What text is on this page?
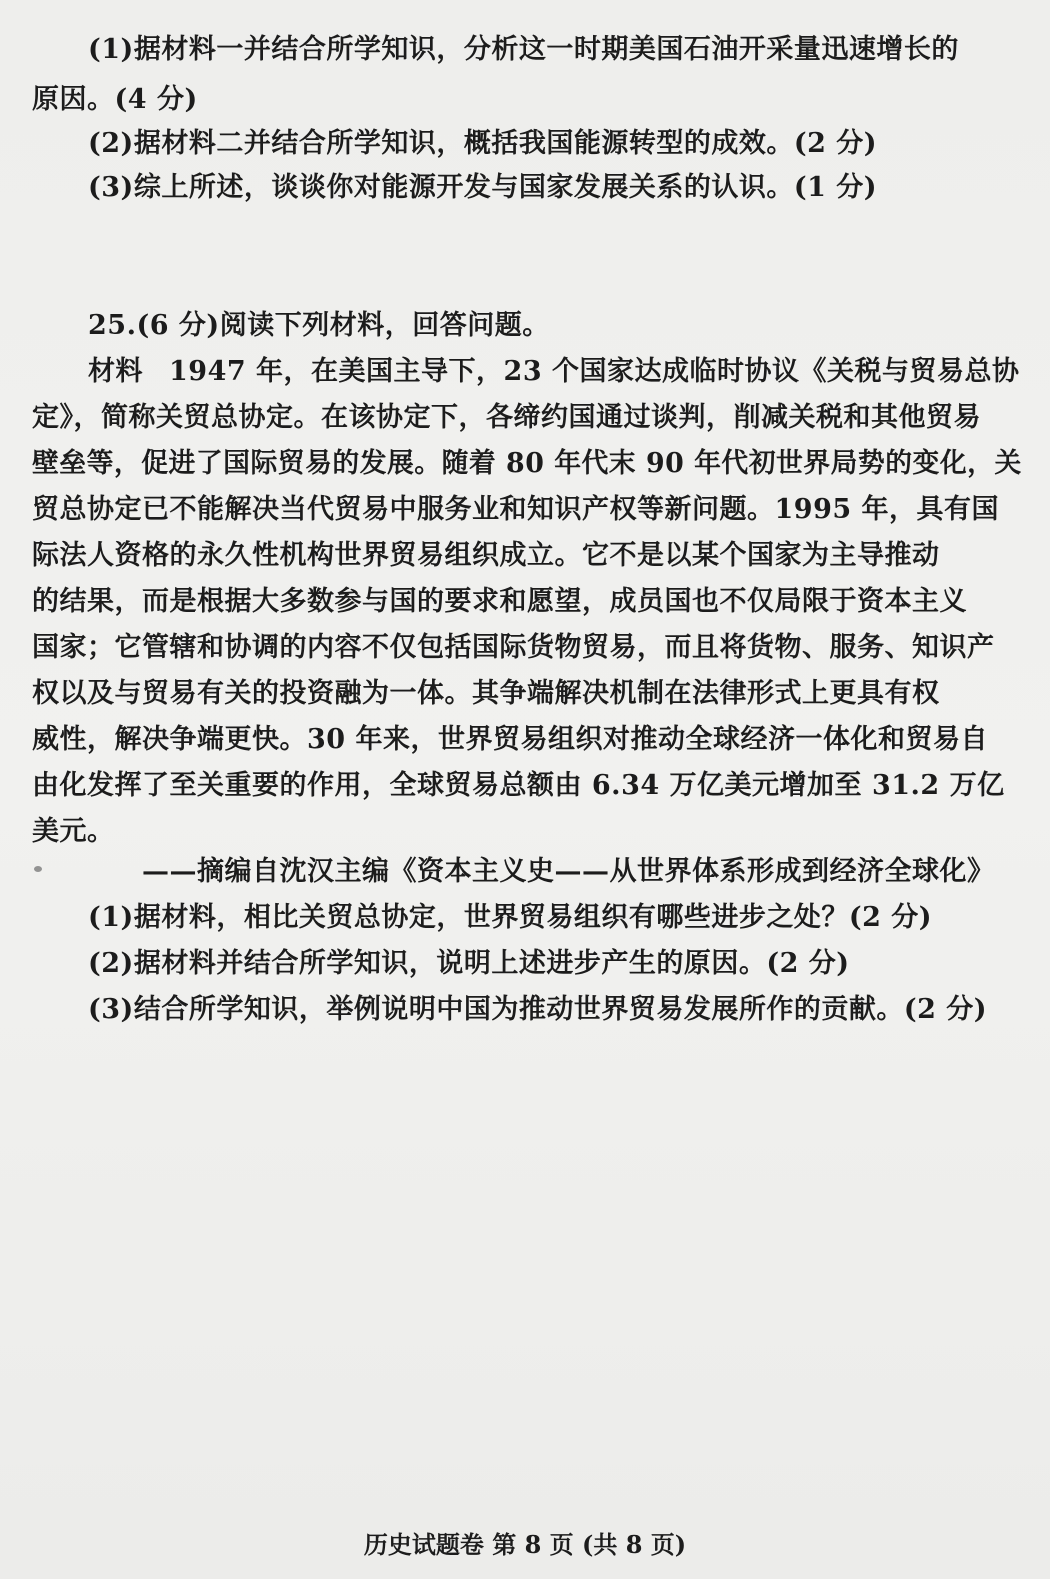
(1)据材料一并结合所学知识，分析这一时期美国石油开采量迅速增长的
原因。(4 分)
(2)据材料二并结合所学知识，概括我国能源转型的成效。(2 分)
(3)综上所述，谈谈你对能源开发与国家发展关系的认识。(1 分)
25.(6 分)阅读下列材料，回答问题。
材料 1947 年，在美国主导下，23 个国家达成临时协议《关税与贸易总协
定》，简称关贸总协定。在该协定下，各缔约国通过谈判，削减关税和其他贸易
壁垒等，促进了国际贸易的发展。随着 80 年代末 90 年代初世界局势的变化，关
贸总协定已不能解决当代贸易中服务业和知识产权等新问题。1995 年，具有国
际法人资格的永久性机构世界贸易组织成立。它不是以某个国家为主导推动
的结果，而是根据大多数参与国的要求和愿望，成员国也不仅局限于资本主义
国家；它管辖和协调的内容不仅包括国际货物贸易，而且将货物、服务、知识产
权以及与贸易有关的投资融为一体。其争端解决机制在法律形式上更具有权
威性，解决争端更快。30 年来，世界贸易组织对推动全球经济一体化和贸易自
由化发挥了至关重要的作用，全球贸易总额由 6.34 万亿美元增加至 31.2 万亿
美元。
——摘编自沈汉主编《资本主义史——从世界体系形成到经济全球化》
(1)据材料，相比关贸总协定，世界贸易组织有哪些进步之处？(2 分)
(2)据材料并结合所学知识，说明上述进步产生的原因。(2 分)
(3)结合所学知识，举例说明中国为推动世界贸易发展所作的贡献。(2 分)
历史试题卷 第 8 页 (共 8 页)
